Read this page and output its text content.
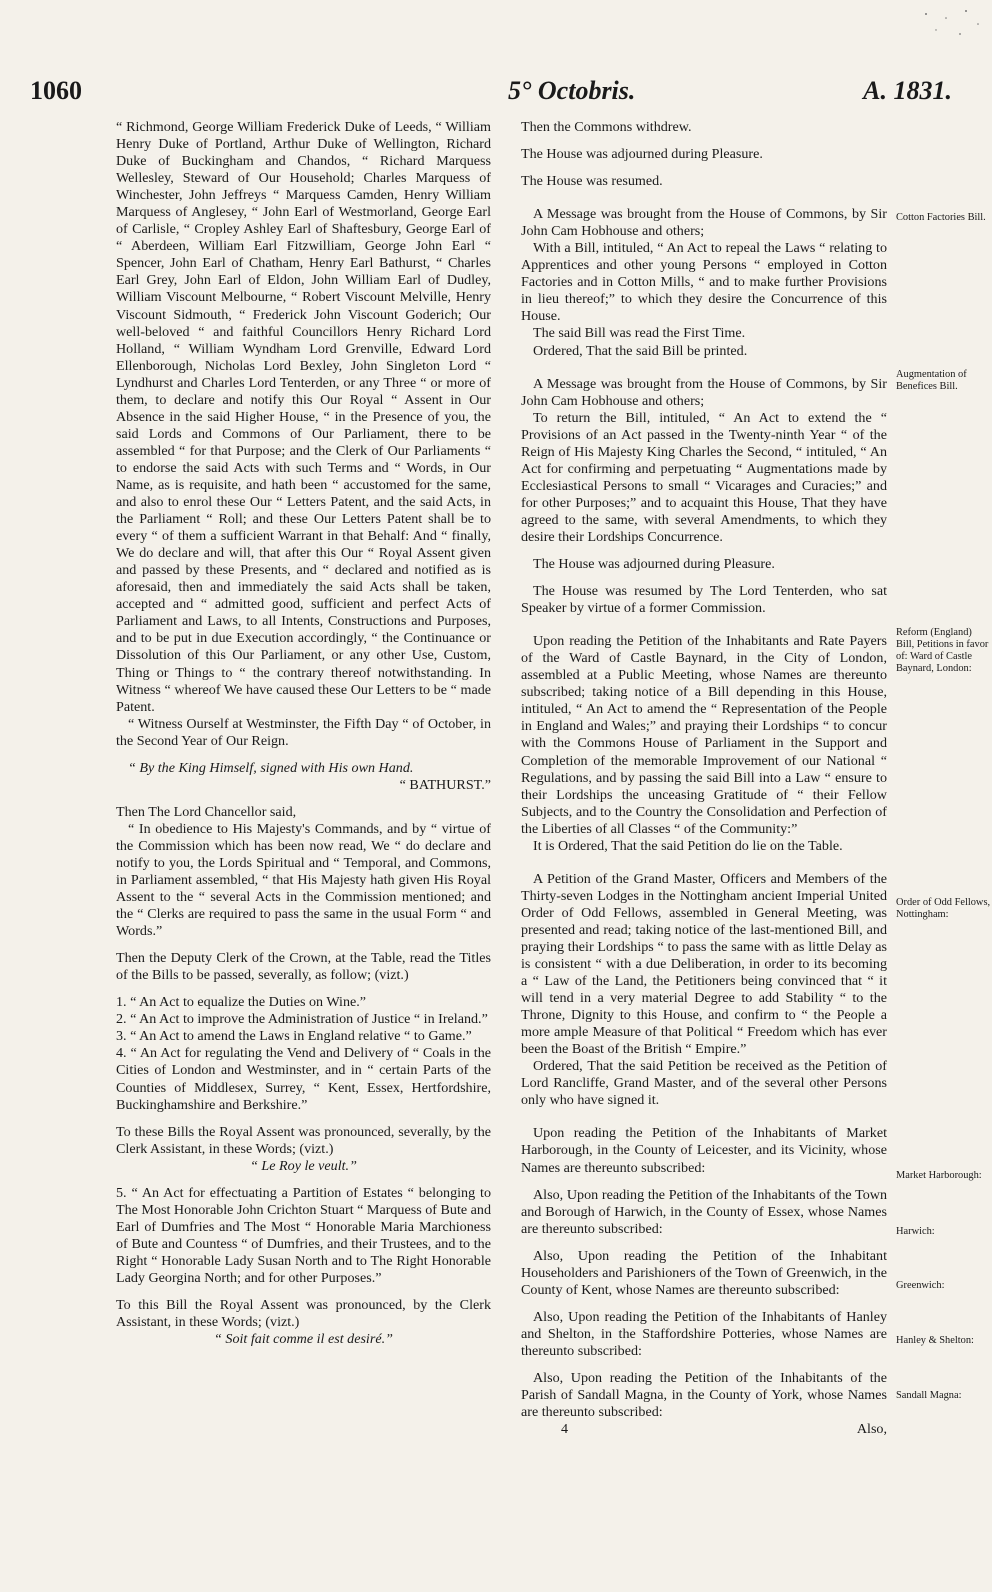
1060	5° Octobris.	A. 1831.

“ Richmond, George William Frederick Duke of Leeds, “ William Henry Duke of Portland, Arthur Duke of Wellington, Richard Duke of Buckingham and Chandos, “ Richard Marquess Wellesley, Steward of Our Household; Charles Marquess of Winchester, John Jeffreys “ Marquess Camden, Henry William Marquess of Anglesey, “ John Earl of Westmorland, George Earl of Carlisle, “ Cropley Ashley Earl of Shaftesbury, George Earl of “ Aberdeen, William Earl Fitzwilliam, George John Earl “ Spencer, John Earl of Chatham, Henry Earl Bathurst, “ Charles Earl Grey, John Earl of Eldon, John William Earl of Dudley, William Viscount Melbourne, “ Robert Viscount Melville, Henry Viscount Sidmouth, “ Frederick John Viscount Goderich; Our well-beloved “ and faithful Councillors Henry Richard Lord Holland, “ William Wyndham Lord Grenville, Edward Lord Ellenborough, Nicholas Lord Bexley, John Singleton Lord “ Lyndhurst and Charles Lord Tenterden, or any Three “ or more of them, to declare and notify this Our Royal “ Assent in Our Absence in the said Higher House, “ in the Presence of you, the said Lords and Commons of Our Parliament, there to be assembled “ for that Purpose; and the Clerk of Our Parliaments “ to endorse the said Acts with such Terms and “ Words, in Our Name, as is requisite, and hath been “ accustomed for the same, and also to enrol these Our “ Letters Patent, and the said Acts, in the Parliament “ Roll; and these Our Letters Patent shall be to every “ of them a sufficient Warrant in that Behalf: And “ finally, We do declare and will, that after this Our “ Royal Assent given and passed by these Presents, and “ declared and notified as is aforesaid, then and immediately the said Acts shall be taken, accepted and “ admitted good, sufficient and perfect Acts of Parliament and Laws, to all Intents, Constructions and Purposes, and to be put in due Execution accordingly, “ the Continuance or Dissolution of this Our Parliament, or any other Use, Custom, Thing or Things to “ the contrary thereof notwithstanding. In Witness “ whereof We have caused these Our Letters to be “ made Patent.

“ Witness Ourself at Westminster, the Fifth Day “ of October, in the Second Year of Our Reign.

“ By the King Himself, signed with His own Hand.

“ BATHURST.”

Then The Lord Chancellor said,

“ In obedience to His Majesty's Commands, and by “ virtue of the Commission which has been now read, We “ do declare and notify to you, the Lords Spiritual and “ Temporal, and Commons, in Parliament assembled, “ that His Majesty hath given His Royal Assent to the “ several Acts in the Commission mentioned; and the “ Clerks are required to pass the same in the usual Form “ and Words.”

Then the Deputy Clerk of the Crown, at the Table, read the Titles of the Bills to be passed, severally, as follow; (vizt.)

1. “ An Act to equalize the Duties on Wine.”

2. “ An Act to improve the Administration of Justice “ in Ireland.”

3. “ An Act to amend the Laws in England relative “ to Game.”

4. “ An Act for regulating the Vend and Delivery of “ Coals in the Cities of London and Westminster, and in “ certain Parts of the Counties of Middlesex, Surrey, “ Kent, Essex, Hertfordshire, Buckinghamshire and Berkshire.”

To these Bills the Royal Assent was pronounced, severally, by the Clerk Assistant, in these Words; (vizt.)

“ Le Roy le veult.”

5. “ An Act for effectuating a Partition of Estates “ belonging to The Most Honorable John Crichton Stuart “ Marquess of Bute and Earl of Dumfries and The Most “ Honorable Maria Marchioness of Bute and Countess “ of Dumfries, and their Trustees, and to the Right “ Honorable Lady Susan North and to The Right Honorable Lady Georgina North; and for other Purposes.”

To this Bill the Royal Assent was pronounced, by the Clerk Assistant, in these Words; (vizt.)

“ Soit fait comme il est desiré.”

Then the Commons withdrew.

The House was adjourned during Pleasure.

The House was resumed.

A Message was brought from the House of Commons, by Sir John Cam Hobhouse and others;

With a Bill, intituled, “ An Act to repeal the Laws “ relating to Apprentices and other young Persons “ employed in Cotton Factories and in Cotton Mills, “ and to make further Provisions in lieu thereof;” to which they desire the Concurrence of this House.

The said Bill was read the First Time.

Ordered, That the said Bill be printed.

A Message was brought from the House of Commons, by Sir John Cam Hobhouse and others;

To return the Bill, intituled, “ An Act to extend the “ Provisions of an Act passed in the Twenty-ninth Year “ of the Reign of His Majesty King Charles the Second, “ intituled, “ An Act for confirming and perpetuating “ Augmentations made by Ecclesiastical Persons to small “ Vicarages and Curacies;” and for other Purposes;” and to acquaint this House, That they have agreed to the same, with several Amendments, to which they desire their Lordships Concurrence.

The House was adjourned during Pleasure.

The House was resumed by The Lord Tenterden, who sat Speaker by virtue of a former Commission.

Upon reading the Petition of the Inhabitants and Rate Payers of the Ward of Castle Baynard, in the City of London, assembled at a Public Meeting, whose Names are thereunto subscribed; taking notice of a Bill depending in this House, intituled, “ An Act to amend the “ Representation of the People in England and Wales;” and praying their Lordships “ to concur with the Commons House of Parliament in the Support and Completion of the memorable Improvement of our National “ Regulations, and by passing the said Bill into a Law “ ensure to their Lordships the unceasing Gratitude of “ their Fellow Subjects, and to the Country the Consolidation and Perfection of the Liberties of all Classes “ of the Community:”

It is Ordered, That the said Petition do lie on the Table.

A Petition of the Grand Master, Officers and Members of the Thirty-seven Lodges in the Nottingham ancient Imperial United Order of Odd Fellows, assembled in General Meeting, was presented and read; taking notice of the last-mentioned Bill, and praying their Lordships “ to pass the same with as little Delay as is consistent “ with a due Deliberation, in order to its becoming a “ Law of the Land, the Petitioners being convinced that “ it will tend in a very material Degree to add Stability “ to the Throne, Dignity to this House, and confirm to “ the People a more ample Measure of that Political “ Freedom which has ever been the Boast of the British “ Empire.”

Ordered, That the said Petition be received as the Petition of Lord Rancliffe, Grand Master, and of the several other Persons only who have signed it.

Upon reading the Petition of the Inhabitants of Market Harborough, in the County of Leicester, and its Vicinity, whose Names are thereunto subscribed:

Also, Upon reading the Petition of the Inhabitants of the Town and Borough of Harwich, in the County of Essex, whose Names are thereunto subscribed:

Also, Upon reading the Petition of the Inhabitant Householders and Parishioners of the Town of Greenwich, in the County of Kent, whose Names are thereunto subscribed:

Also, Upon reading the Petition of the Inhabitants of Hanley and Shelton, in the Staffordshire Potteries, whose Names are thereunto subscribed:

Also, Upon reading the Petition of the Inhabitants of the Parish of Sandall Magna, in the County of York, whose Names are thereunto subscribed:

4	Also,

Cotton Factories Bill.
Augmentation of Benefices Bill.
Reform (England) Bill, Petitions in favor of: Ward of Castle Baynard, London:
Order of Odd Fellows, Nottingham:
Market Harborough:
Harwich:
Greenwich:
Hanley & Shelton:
Sandall Magna:
